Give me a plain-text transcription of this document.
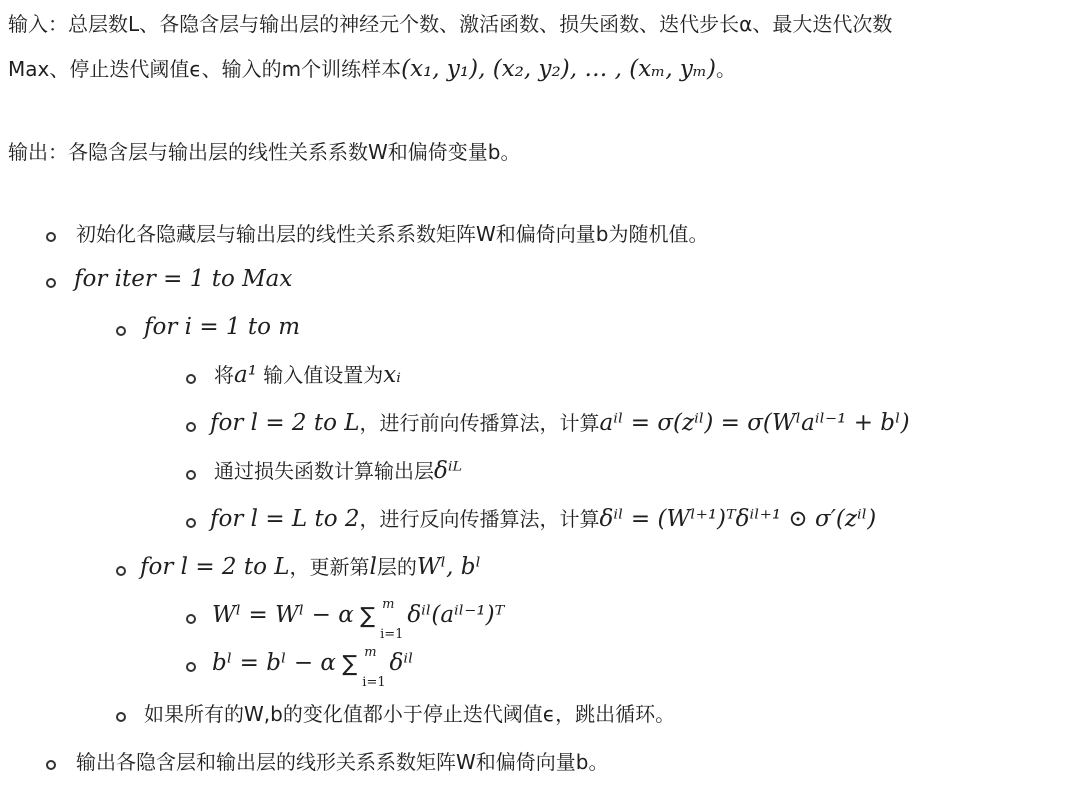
输入：总层数L、各隐含层与输出层的神经元个数、激活函数、损失函数、迭代步长α、最大迭代次数
Max、停止迭代阈值ϵ、输入的m个训练样本(x₁, y₁), (x₂, y₂), … , (xₘ, yₘ)。
输出：各隐含层与输出层的线性关系系数W和偏倚变量b。
初始化各隐藏层与输出层的线性关系系数矩阵W和偏倚向量b为随机值。
for iter = 1 to Max
for i = 1 to m
将a¹ 输入值设置为xᵢ
for l = 2 to L，进行前向传播算法，计算aⁱˡ = σ(zⁱˡ) = σ(Wˡaⁱˡ⁻¹ + bˡ)
通过损失函数计算输出层δⁱᴸ
for l = L to 2，进行反向传播算法，计算δⁱˡ = (Wˡ⁺¹)ᵀδⁱˡ⁺¹ ⊙ σ′(zⁱˡ)
for l = 2 to L，更新第l层的Wˡ, bˡ
Wˡ = Wˡ − α ∑ m
i=1
δⁱˡ(aⁱˡ⁻¹)ᵀ
bˡ = bˡ − α ∑ m
i=1
δⁱˡ
如果所有的W,b的变化值都小于停止迭代阈值ϵ，跳出循环。
输出各隐含层和输出层的线形关系系数矩阵W和偏倚向量b。
